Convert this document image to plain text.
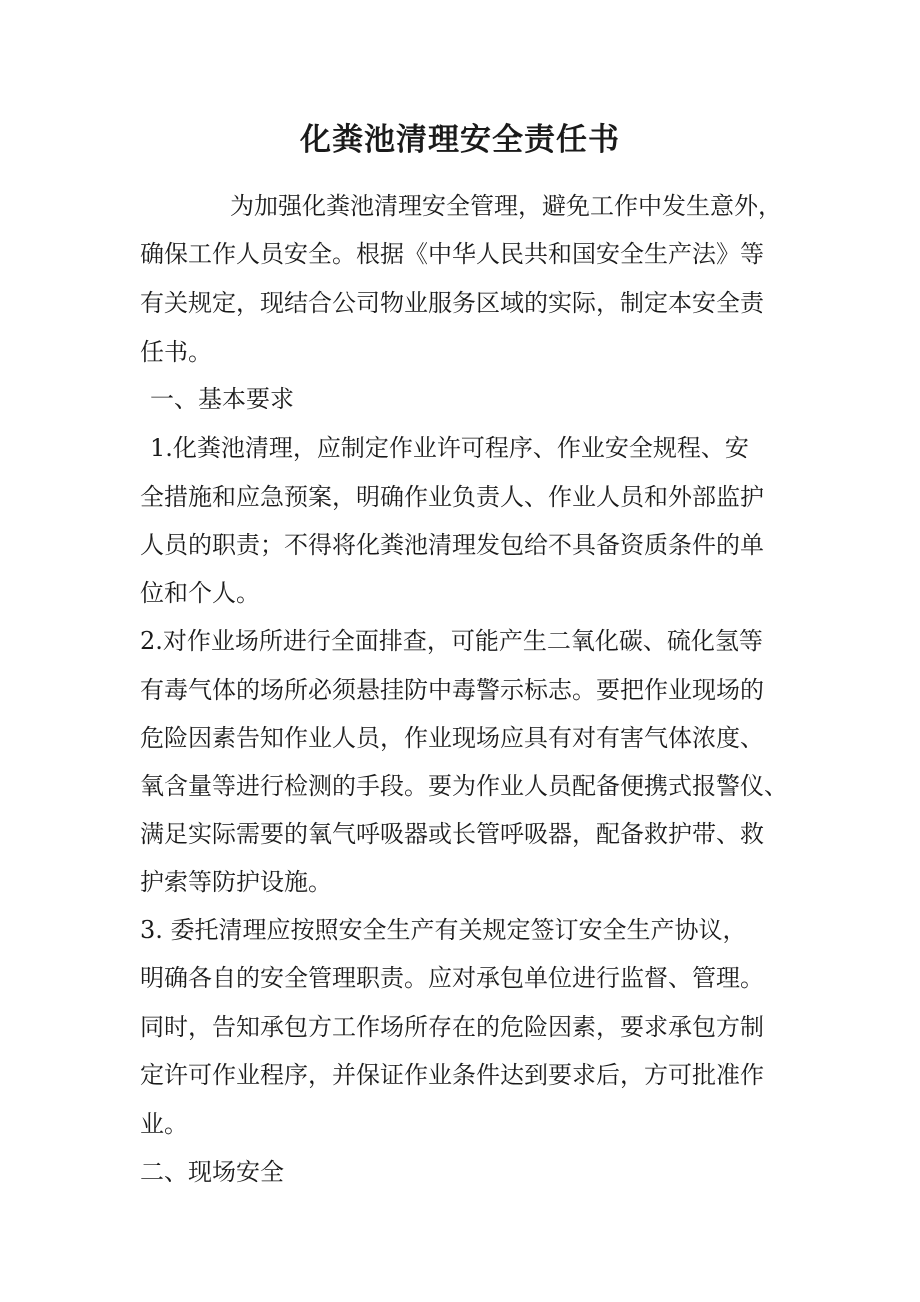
化粪池清理安全责任书

为加强化粪池清理安全管理，避免工作中发生意外，

确保工作人员安全。根据《中华人民共和国安全生产法》等

有关规定，现结合公司物业服务区域的实际，制定本安全责

任书。

一、基本要求

1.化粪池清理，应制定作业许可程序、作业安全规程、安

全措施和应急预案，明确作业负责人、作业人员和外部监护

人员的职责；不得将化粪池清理发包给不具备资质条件的单

位和个人。

2.对作业场所进行全面排查，可能产生二氧化碳、硫化氢等

有毒气体的场所必须悬挂防中毒警示标志。要把作业现场的

危险因素告知作业人员，作业现场应具有对有害气体浓度、

氧含量等进行检测的手段。要为作业人员配备便携式报警仪、

满足实际需要的氧气呼吸器或长管呼吸器，配备救护带、救

护索等防护设施。

3. 委托清理应按照安全生产有关规定签订安全生产协议，

明确各自的安全管理职责。应对承包单位进行监督、管理。

同时，告知承包方工作场所存在的危险因素，要求承包方制

定许可作业程序，并保证作业条件达到要求后，方可批准作

业。

二、现场安全
